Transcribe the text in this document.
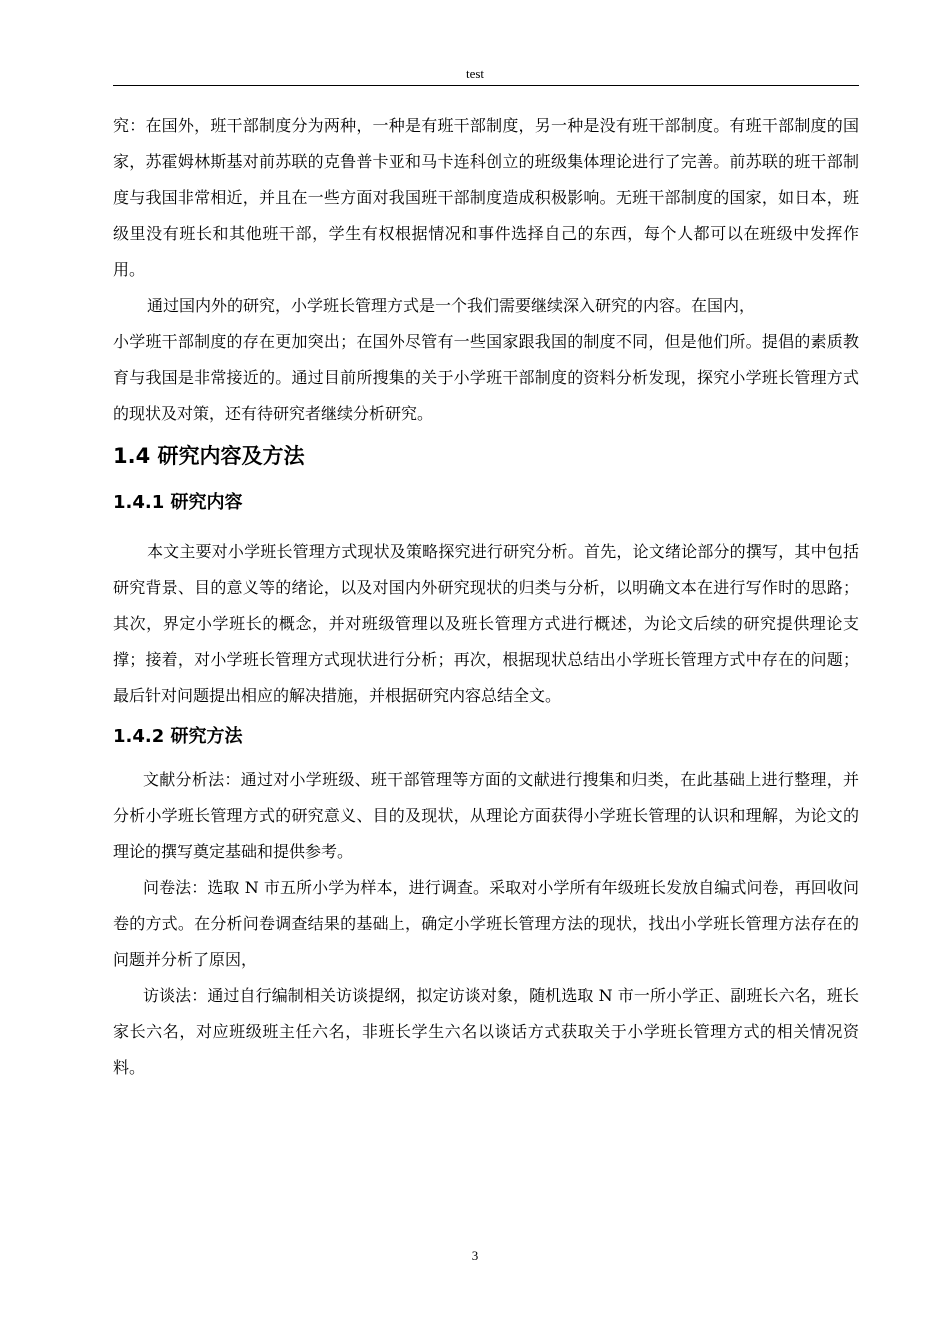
test

究：在国外，班干部制度分为两种，一种是有班干部制度，另一种是没有班干部制度。有班干部制度的国家，苏霍姆林斯基对前苏联的克鲁普卡亚和马卡连科创立的班级集体理论进行了完善。前苏联的班干部制度与我国非常相近，并且在一些方面对我国班干部制度造成积极影响。无班干部制度的国家，如日本，班级里没有班长和其他班干部，学生有权根据情况和事件选择自己的东西，每个人都可以在班级中发挥作用。

通过国内外的研究，小学班长管理方式是一个我们需要继续深入研究的内容。在国内，

小学班干部制度的存在更加突出；在国外尽管有一些国家跟我国的制度不同，但是他们所。提倡的素质教育与我国是非常接近的。通过目前所搜集的关于小学班干部制度的资料分析发现，探究小学班长管理方式的现状及对策，还有待研究者继续分析研究。

1.4 研究内容及方法
1.4.1 研究内容

本文主要对小学班长管理方式现状及策略探究进行研究分析。首先，论文绪论部分的撰写，其中包括研究背景、目的意义等的绪论，以及对国内外研究现状的归类与分析，以明确文本在进行写作时的思路；其次，界定小学班长的概念，并对班级管理以及班长管理方式进行概述，为论文后续的研究提供理论支撑；接着，对小学班长管理方式现状进行分析；再次，根据现状总结出小学班长管理方式中存在的问题；最后针对问题提出相应的解决措施，并根据研究内容总结全文。

1.4.2 研究方法

文献分析法：通过对小学班级、班干部管理等方面的文献进行搜集和归类，在此基础上进行整理，并分析小学班长管理方式的研究意义、目的及现状，从理论方面获得小学班长管理的认识和理解，为论文的理论的撰写奠定基础和提供参考。

问卷法：选取 N 市五所小学为样本，进行调查。采取对小学所有年级班长发放自编式问卷，再回收问卷的方式。在分析问卷调查结果的基础上，确定小学班长管理方法的现状，找出小学班长管理方法存在的问题并分析了原因，

访谈法：通过自行编制相关访谈提纲，拟定访谈对象，随机选取 N 市一所小学正、副班长六名，班长家长六名，对应班级班主任六名，非班长学生六名以谈话方式获取关于小学班长管理方式的相关情况资料。

3
